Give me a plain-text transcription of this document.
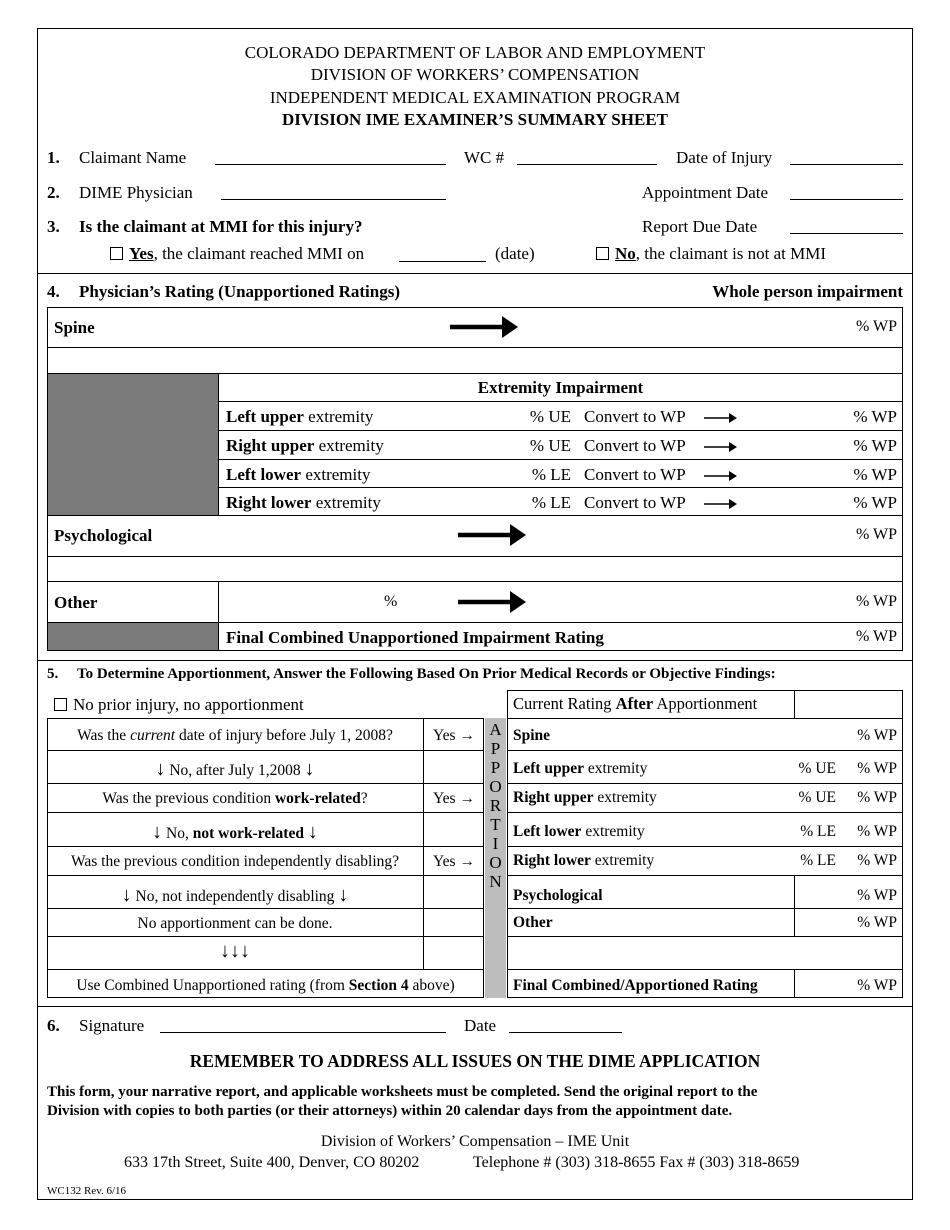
COLORADO DEPARTMENT OF LABOR AND EMPLOYMENT
DIVISION OF WORKERS’ COMPENSATION
INDEPENDENT MEDICAL EXAMINATION PROGRAM
DIVISION IME EXAMINER’S SUMMARY SHEET
1. Claimant Name	WC #	Date of Injury
2. DIME Physician	Appointment Date
3. Is the claimant at MMI for this injury?	Report Due Date
Yes, the claimant reached MMI on	(date)	No, the claimant is not at MMI
4. Physician’s Rating (Unapportioned Ratings)	Whole person impairment
Spine	% WP
Extremity Impairment
Left upper extremity	% UE Convert to WP	% WP
Right upper extremity	% UE Convert to WP	% WP
Left lower extremity	% LE Convert to WP	% WP
Right lower extremity	% LE Convert to WP	% WP
Psychological	% WP
Other	%	% WP
Final Combined Unapportioned Impairment Rating	% WP
5. To Determine Apportionment, Answer the Following Based On Prior Medical Records or Objective Findings:
No prior injury, no apportionment
Was the current date of injury before July 1, 2008?	Yes →
↓ No, after July 1,2008 ↓
Was the previous condition work-related?	Yes →
↓ No, not work-related ↓
Was the previous condition independently disabling?	Yes →
↓ No, not independently disabling ↓
No apportionment can be done.
↓↓↓
Use Combined Unapportioned rating (from Section 4 above)
A
P
P
O
R
T
I
O
N
Current Rating After Apportionment
Spine	% WP
Left upper extremity	% UE % WP
Right upper extremity	% UE % WP
Left lower extremity	% LE % WP
Right lower extremity	% LE % WP
Psychological	% WP
Other	% WP
Final Combined/Apportioned Rating	% WP
6. Signature	Date
REMEMBER TO ADDRESS ALL ISSUES ON THE DIME APPLICATION
This form, your narrative report, and applicable worksheets must be completed. Send the original report to the
Division with copies to both parties (or their attorneys) within 20 calendar days from the appointment date.
Division of Workers’ Compensation – IME Unit
633 17th Street, Suite 400, Denver, CO 80202	Telephone # (303) 318-8655 Fax # (303) 318-8659
WC132 Rev. 6/16
